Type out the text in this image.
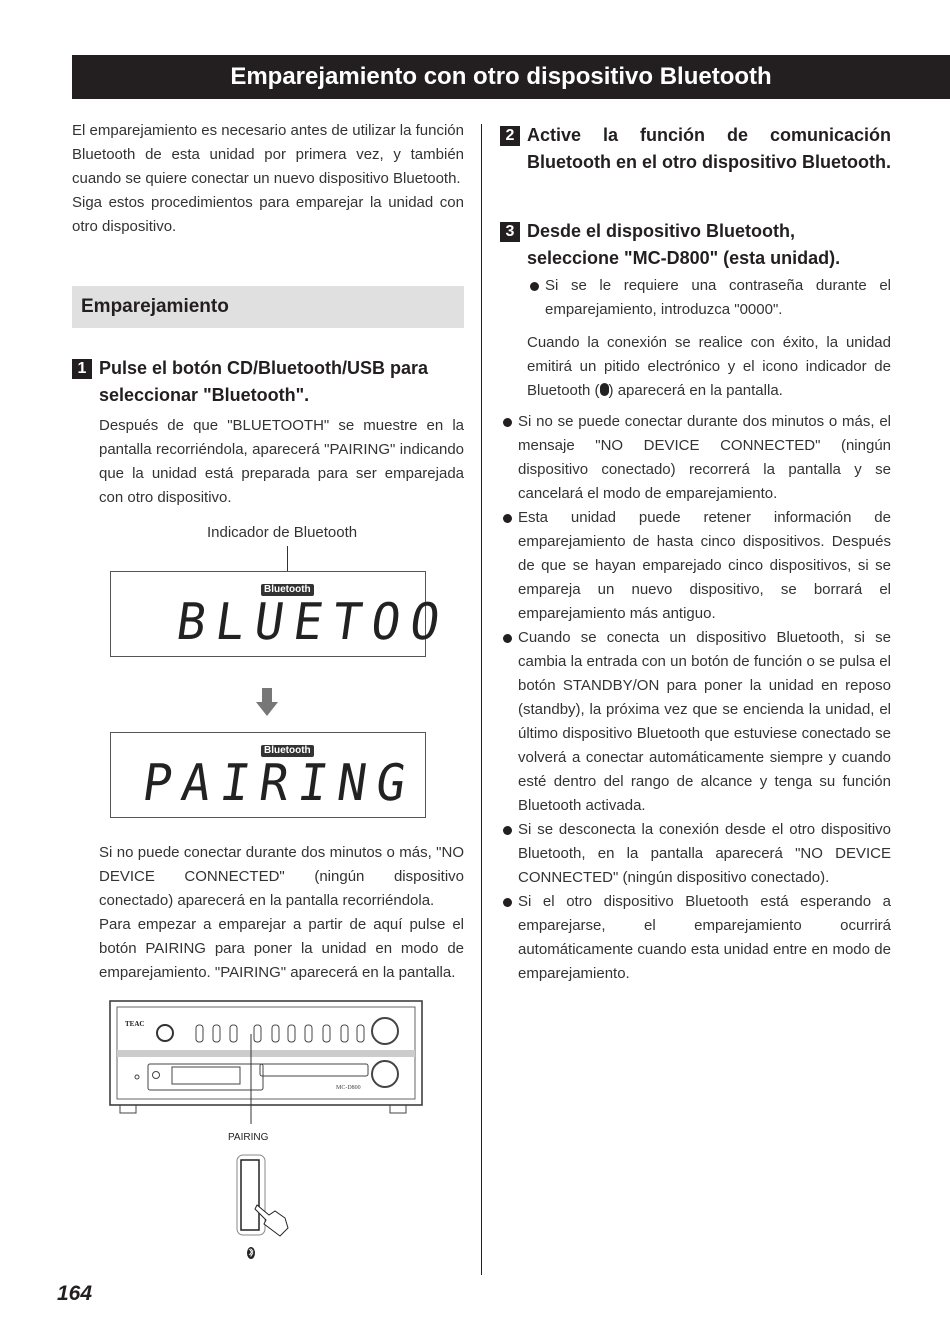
Emparejamiento con otro dispositivo Bluetooth

El emparejamiento es necesario antes de utilizar la función Bluetooth de esta unidad por primera vez, y también cuando se quiere conectar un nuevo dispositivo Bluetooth.

Siga estos procedimientos para emparejar la unidad con otro dispositivo.

Emparejamiento
1 Pulse el botón CD/Bluetooth/USB para seleccionar "Bluetooth".

Después de que "BLUETOOTH" se muestre en la pantalla recorriéndola, aparecerá "PAIRING" indicando que la unidad está preparada para ser emparejada con otro dispositivo.

Indicador de Bluetooth
Bluetooth
BLUETOO
Bluetooth
PAIRING

Si no puede conectar durante dos minutos o más, "NO DEVICE CONNECTED" (ningún dispositivo conectado) aparecerá en la pantalla recorriéndola.

Para empezar a emparejar a partir de aquí pulse el botón PAIRING para poner la unidad en modo de emparejamiento. "PAIRING" aparecerá en la pantalla.

TEAC
MC-D800
PAIRING
2 Active la función de comunicación Bluetooth en el otro dispositivo Bluetooth.
3 Desde el dispositivo Bluetooth, seleccione "MC-D800" (esta unidad).
Si se le requiere una contraseña durante el emparejamiento, introduzca "0000".

Cuando la conexión se realice con éxito, la unidad emitirá un pitido electrónico y el icono indicador de Bluetooth ( ) aparecerá en la pantalla.

Si no se puede conectar durante dos minutos o más, el mensaje "NO DEVICE CONNECTED" (ningún dispositivo conectado) recorrerá la pantalla y se cancelará el modo de emparejamiento.
Esta unidad puede retener información de emparejamiento de hasta cinco dispositivos. Después de que se hayan emparejado cinco dispositivos, si se empareja un nuevo dispositivo, se borrará el emparejamiento más antiguo.
Cuando se conecta un dispositivo Bluetooth, si se cambia la entrada con un botón de función o se pulsa el botón STANDBY/ON para poner la unidad en reposo (standby), la próxima vez que se encienda la unidad, el último dispositivo Bluetooth que estuviese conectado se volverá a conectar automáticamente siempre y cuando esté dentro del rango de alcance y tenga su función Bluetooth activada.
Si se desconecta la conexión desde el otro dispositivo Bluetooth, en la pantalla aparecerá "NO DEVICE CONNECTED" (ningún dispositivo conectado).
Si el otro dispositivo Bluetooth está esperando a emparejarse, el emparejamiento ocurrirá automáticamente cuando esta unidad entre en modo de emparejamiento.
164
